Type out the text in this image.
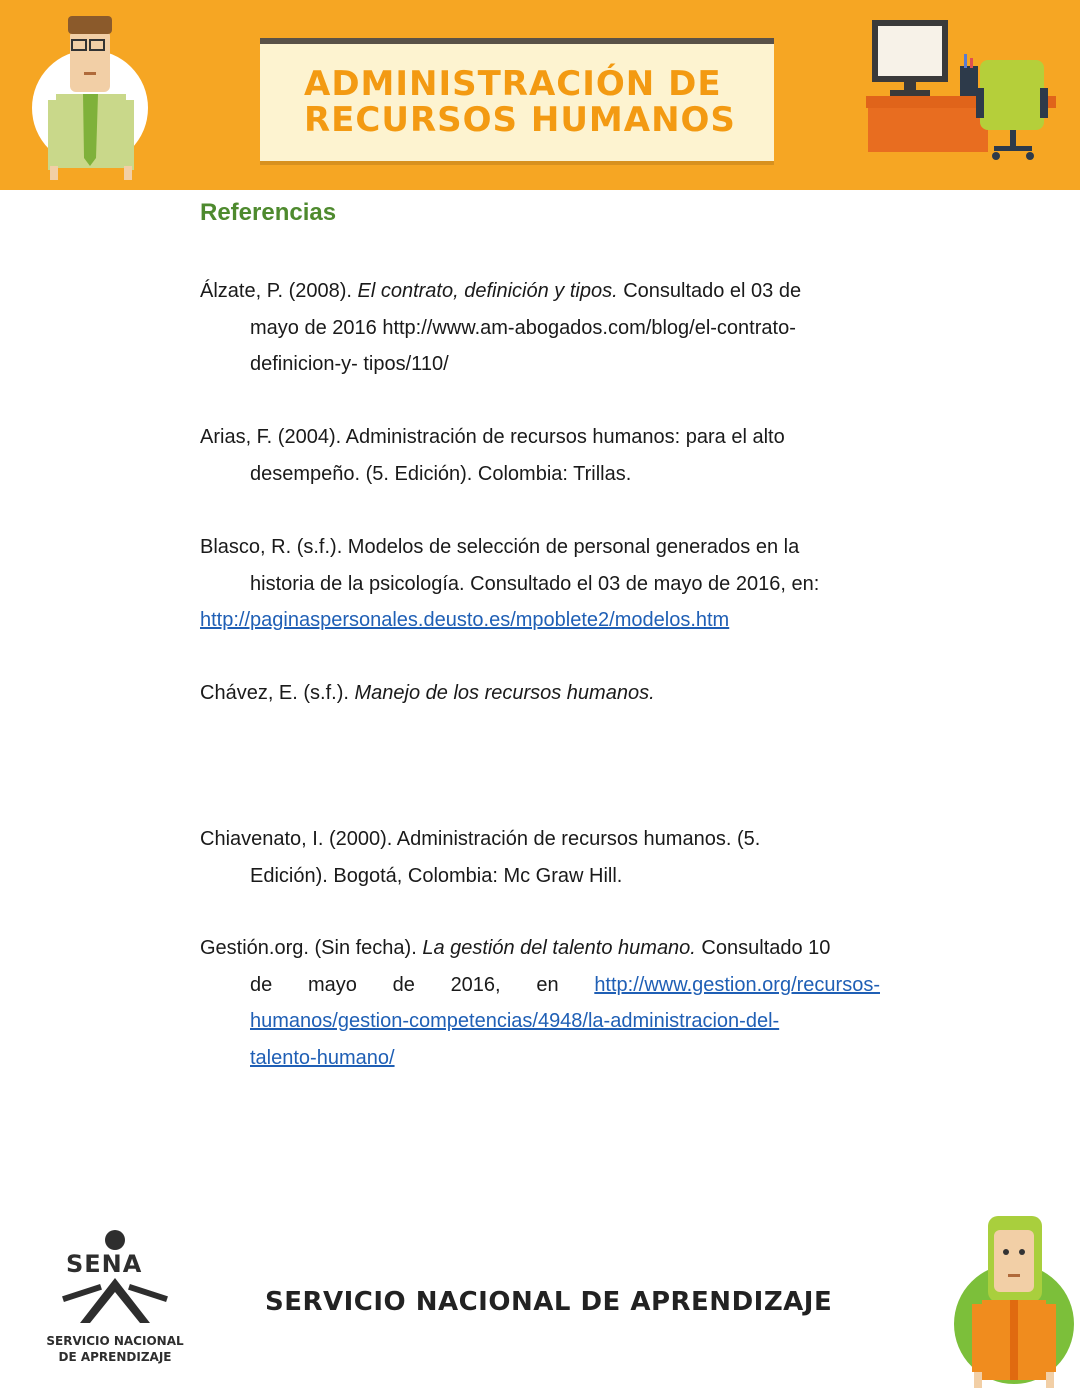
ADMINISTRACIÓN DE
RECURSOS HUMANOS
Referencias
Álzate, P. (2008). El contrato, definición y tipos. Consultado el 03 de
mayo de 2016 http://www.am-abogados.com/blog/el-contrato-
definicion-y- tipos/110/
Arias, F. (2004). Administración de recursos humanos: para el alto
desempeño. (5. Edición). Colombia: Trillas.
Blasco, R. (s.f.). Modelos de selección de personal generados en la
historia de la psicología. Consultado el 03 de mayo de 2016, en:
http://paginaspersonales.deusto.es/mpoblete2/modelos.htm
Chávez, E. (s.f.). Manejo de los recursos humanos.
Chiavenato, I. (2000). Administración de recursos humanos. (5.
Edición). Bogotá, Colombia: Mc Graw Hill.
Gestión.org. (Sin fecha). La gestión del talento humano. Consultado 10
de mayo de 2016, en http://www.gestion.org/recursos-
humanos/gestion-competencias/4948/la-administracion-del-
talento-humano/
SENA
SERVICIO NACIONAL
DE APRENDIZAJE
SERVICIO NACIONAL DE APRENDIZAJE
